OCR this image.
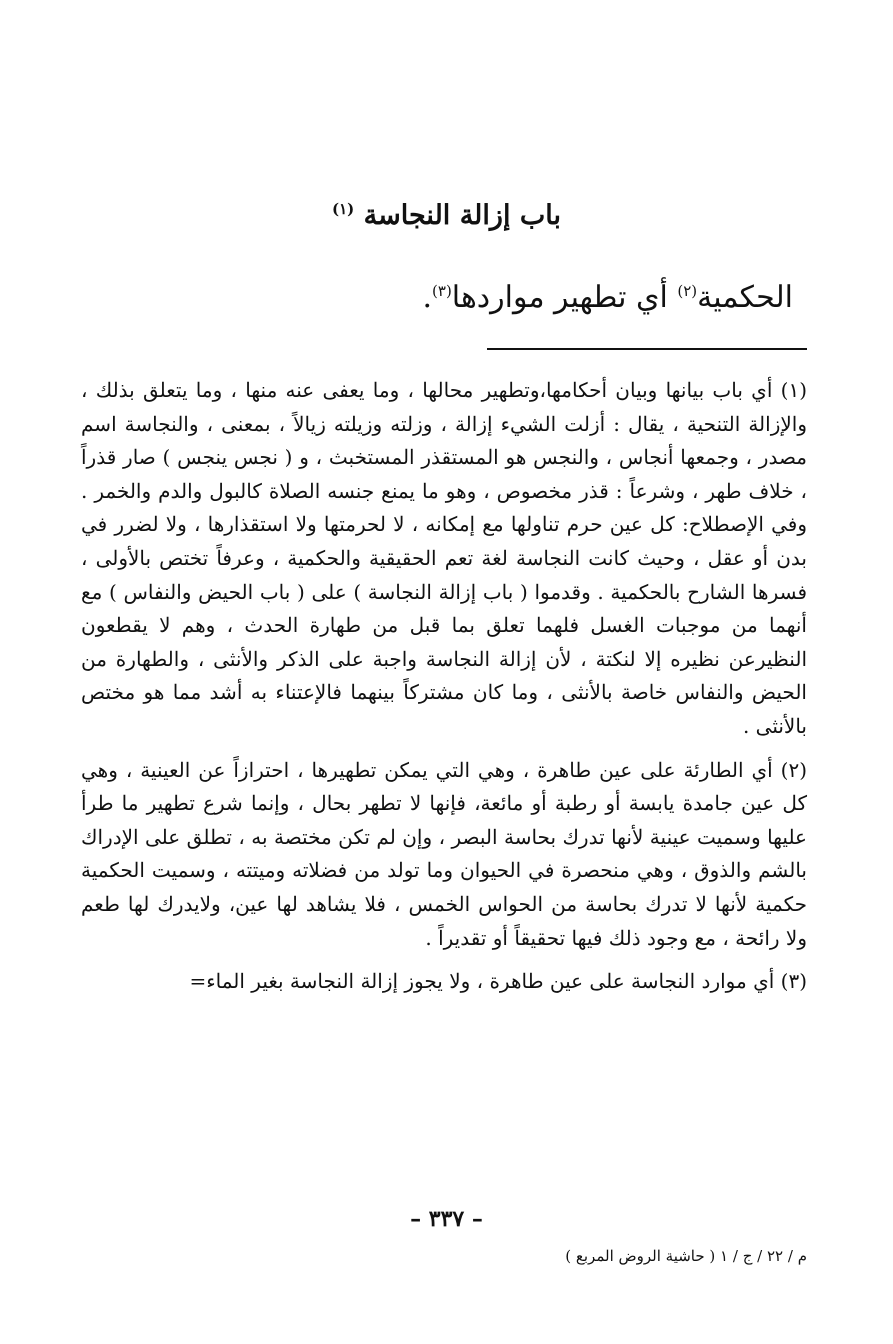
باب إزالة النجاسة $^{(١)}$

الحكمية$^{(٢)}$ أي تطهير مواردها$^{(٣)}$.

(١) أي باب بيانها وبيان أحكامها،وتطهير محالها ، وما يعفى عنه منها ، وما يتعلق بذلك ، والإزالة التنحية ، يقال : أزلت الشيء إزالة ، وزلته وزيلته زيالاً ، بمعنى ، والنجاسة اسم مصدر ، وجمعها أنجاس ، والنجس هو المستقذر المستخبث ، و ( نجس ينجس ) صار قذراً ، خلاف طهر ، وشرعاً : قذر مخصوص ، وهو ما يمنع جنسه الصلاة كالبول والدم والخمر . وفي الإصطلاح: كل عين حرم تناولها مع إمكانه ، لا لحرمتها ولا استقذارها ، ولا لضرر في بدن أو عقل ، وحيث كانت النجاسة لغة تعم الحقيقية والحكمية ، وعرفاً تختص بالأولى ، فسرها الشارح بالحكمية . وقدموا ( باب إزالة النجاسة ) على ( باب الحيض والنفاس ) مع أنهما من موجبات الغسل فلهما تعلق بما قبل من طهارة الحدث ، وهم لا يقطعون النظيرعن نظيره إلا لنكتة ، لأن إزالة النجاسة واجبة على الذكر والأنثى ، والطهارة من الحيض والنفاس خاصة بالأنثى ، وما كان مشتركاً بينهما فالإعتناء به أشد مما هو مختص بالأنثى .

(٢) أي الطارئة على عين طاهرة ، وهي التي يمكن تطهيرها ، احترازاً عن العينية ، وهي كل عين جامدة يابسة أو رطبة أو مائعة، فإنها لا تطهر بحال ، وإنما شرع تطهير ما طرأ عليها وسميت عينية لأنها تدرك بحاسة البصر ، وإن لم تكن مختصة به ، تطلق على الإدراك بالشم والذوق ، وهي منحصرة في الحيوان وما تولد من فضلاته وميتته ، وسميت الحكمية حكمية لأنها لا تدرك بحاسة من الحواس الخمس ، فلا يشاهد لها عين، ولايدرك لها طعم ولا رائحة ، مع وجود ذلك فيها تحقيقاً أو تقديراً .

(٣) أي موارد النجاسة على عين طاهرة ، ولا يجوز إزالة النجاسة بغير الماء=

– ٣٣٧ –
م / ٢٢ / ج / ١ ( حاشية الروض المربع )
